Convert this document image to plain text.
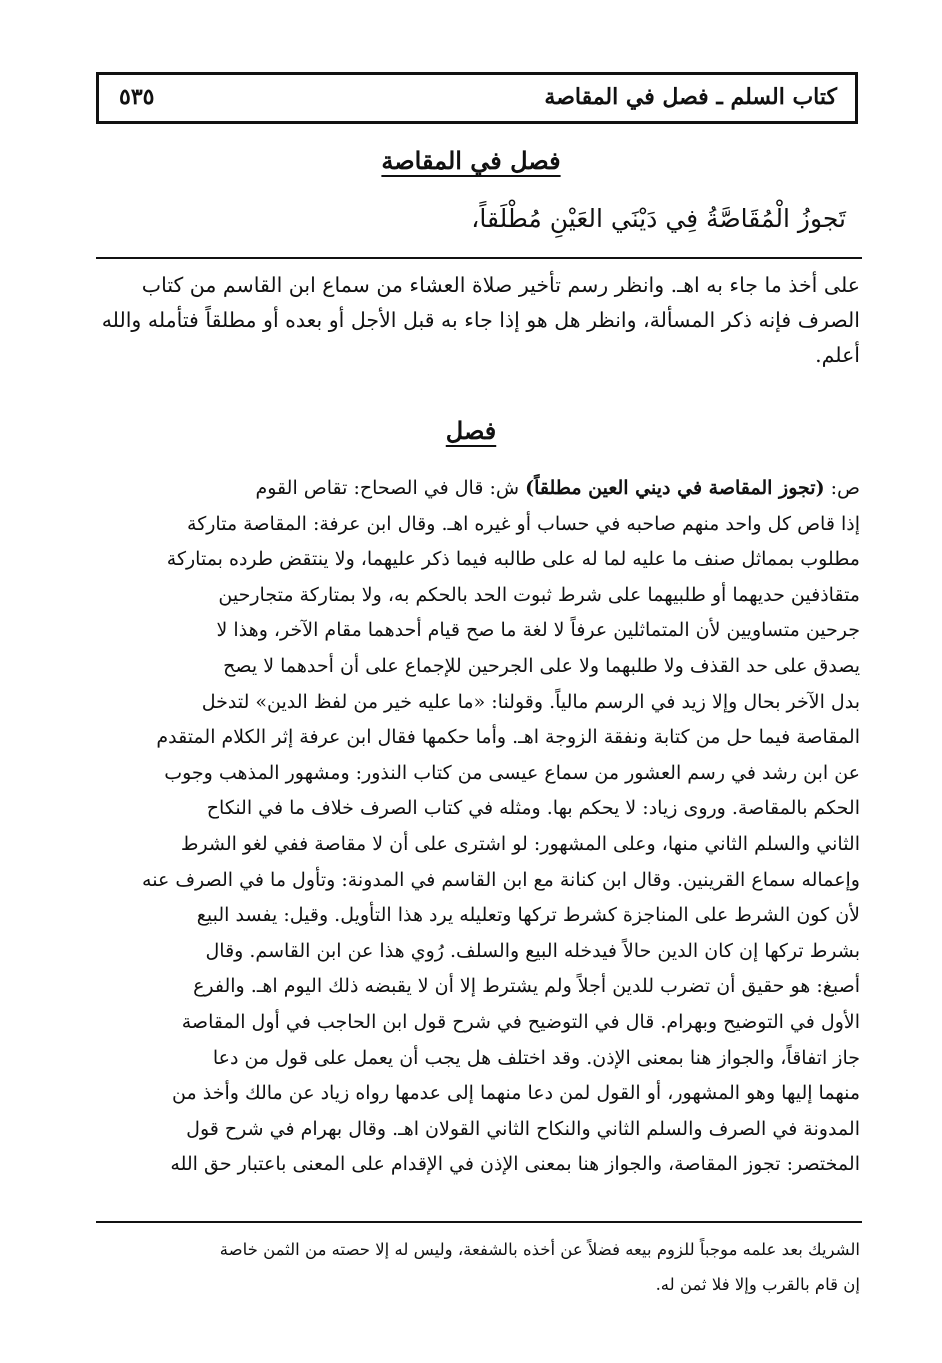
كتاب السلم ـ فصل في المقاصة
٥٣٥
فصل في المقاصة
تَجوزُ الْمُقَاصَّةُ فِي دَيْنَي العَيْنِ مُطْلَقاً،
على أخذ ما جاء به اهـ. وانظر رسم تأخير صلاة العشاء من سماع ابن القاسم من كتاب
الصرف فإنه ذكر المسألة، وانظر هل هو إذا جاء به قبل الأجل أو بعده أو مطلقاً فتأمله والله
أعلم.
فصل
ص: (تجوز المقاصة في ديني العين مطلقاً) ش: قال في الصحاح: تقاص القوم
إذا قاص كل واحد منهم صاحبه في حساب أو غيره اهـ. وقال ابن عرفة: المقاصة متاركة
مطلوب بمماثل صنف ما عليه لما له على طالبه فيما ذكر عليهما، ولا ينتقض طرده بمتاركة
متقاذفين حديهما أو طلبيهما على شرط ثبوت الحد بالحكم به، ولا بمتاركة متجارحين
جرحين متساويين لأن المتماثلين عرفاً لا لغة ما صح قيام أحدهما مقام الآخر، وهذا لا
يصدق على حد القذف ولا طلبهما ولا على الجرحين للإجماع على أن أحدهما لا يصح
بدل الآخر بحال وإلا زيد في الرسم مالياً. وقولنا: «ما عليه خير من لفظ الدين» لتدخل
المقاصة فيما حل من كتابة ونفقة الزوجة اهـ. وأما حكمها فقال ابن عرفة إثر الكلام المتقدم
عن ابن رشد في رسم العشور من سماع عيسى من كتاب النذور: ومشهور المذهب وجوب
الحكم بالمقاصة. وروى زياد: لا يحكم بها. ومثله في كتاب الصرف خلاف ما في النكاح
الثاني والسلم الثاني منها، وعلى المشهور: لو اشترى على أن لا مقاصة ففي لغو الشرط
وإعماله سماع القرينين. وقال ابن كنانة مع ابن القاسم في المدونة: وتأول ما في الصرف عنه
لأن كون الشرط على المناجزة كشرط تركها وتعليله يرد هذا التأويل. وقيل: يفسد البيع
بشرط تركها إن كان الدين حالاً فيدخله البيع والسلف. رُوي هذا عن ابن القاسم. وقال
أصبغ: هو حقيق أن تضرب للدين أجلاً ولم يشترط إلا أن لا يقبضه ذلك اليوم اهـ. والفرع
الأول في التوضيح وبهرام. قال في التوضيح في شرح قول ابن الحاجب في أول المقاصة
جاز اتفاقاً، والجواز هنا بمعنى الإذن. وقد اختلف هل يجب أن يعمل على قول من دعا
منهما إليها وهو المشهور، أو القول لمن دعا منهما إلى عدمها رواه زياد عن مالك وأخذ من
المدونة في الصرف والسلم الثاني والنكاح الثاني القولان اهـ. وقال بهرام في شرح قول
المختصر: تجوز المقاصة، والجواز هنا بمعنى الإذن في الإقدام على المعنى باعتبار حق الله
الشريك بعد علمه موجباً للزوم بيعه فضلاً عن أخذه بالشفعة، وليس له إلا حصته من الثمن خاصة
إن قام بالقرب وإلا فلا ثمن له.
